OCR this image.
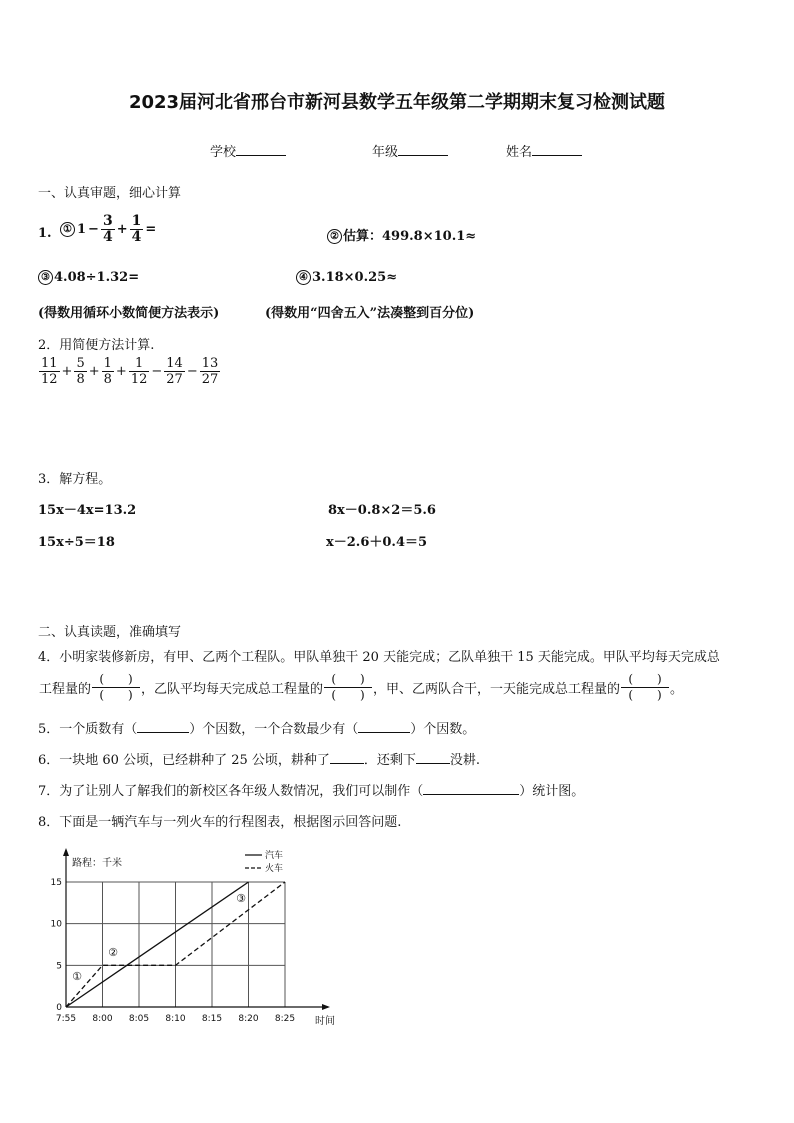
2023届河北省邢台市新河县数学五年级第二学期期末复习检测试题
学校	年级	姓名
一、认真审题，细心计算
1.	① $1 - \frac{3}{4} + \frac{1}{4}$ =	② 估算：499.8×10.1≈
③ 4.08÷1.32=	④ 3.18×0.25≈
(得数用循环小数简便方法表示)	(得数用“四舍五入”法凑整到百分位)
2．用简便方法计算.
$\frac{11}{12} + \frac{5}{8} + \frac{1}{8} + \frac{1}{12} - \frac{14}{27} - \frac{13}{27}$
3．解方程。
15x－4x=13.2	8x－0.8×2＝5.6
15x÷5＝18	x－2.6＋0.4＝5
二、认真读题，准确填写
4．小明家装修新房，有甲、乙两个工程队。甲队单独干 20 天能完成；乙队单独干 15 天能完成。甲队平均每天完成总
工程量的
(   )
(   ) ，乙队平均每天完成总工程量的
(   )
(   ) ，甲、乙两队合干，一天能完成总工程量的
(   )
(   ) 。
5．一个质数有（	）个因数，一个合数最少有（	）个因数。
6．一块地 60 公顷，已经耕种了 25 公顷，耕种了	．还剩下	没耕.
7．为了让别人了解我们的新校区各年级人数情况，我们可以制作（	）统计图。
8．下面是一辆汽车与一列火车的行程图表，根据图示回答问题.
7:55 8:00 8:05 8:10 8:15 8:20 8:25
0
5
10
15
路程：千米
时间
汽车
火车
①
②
③
